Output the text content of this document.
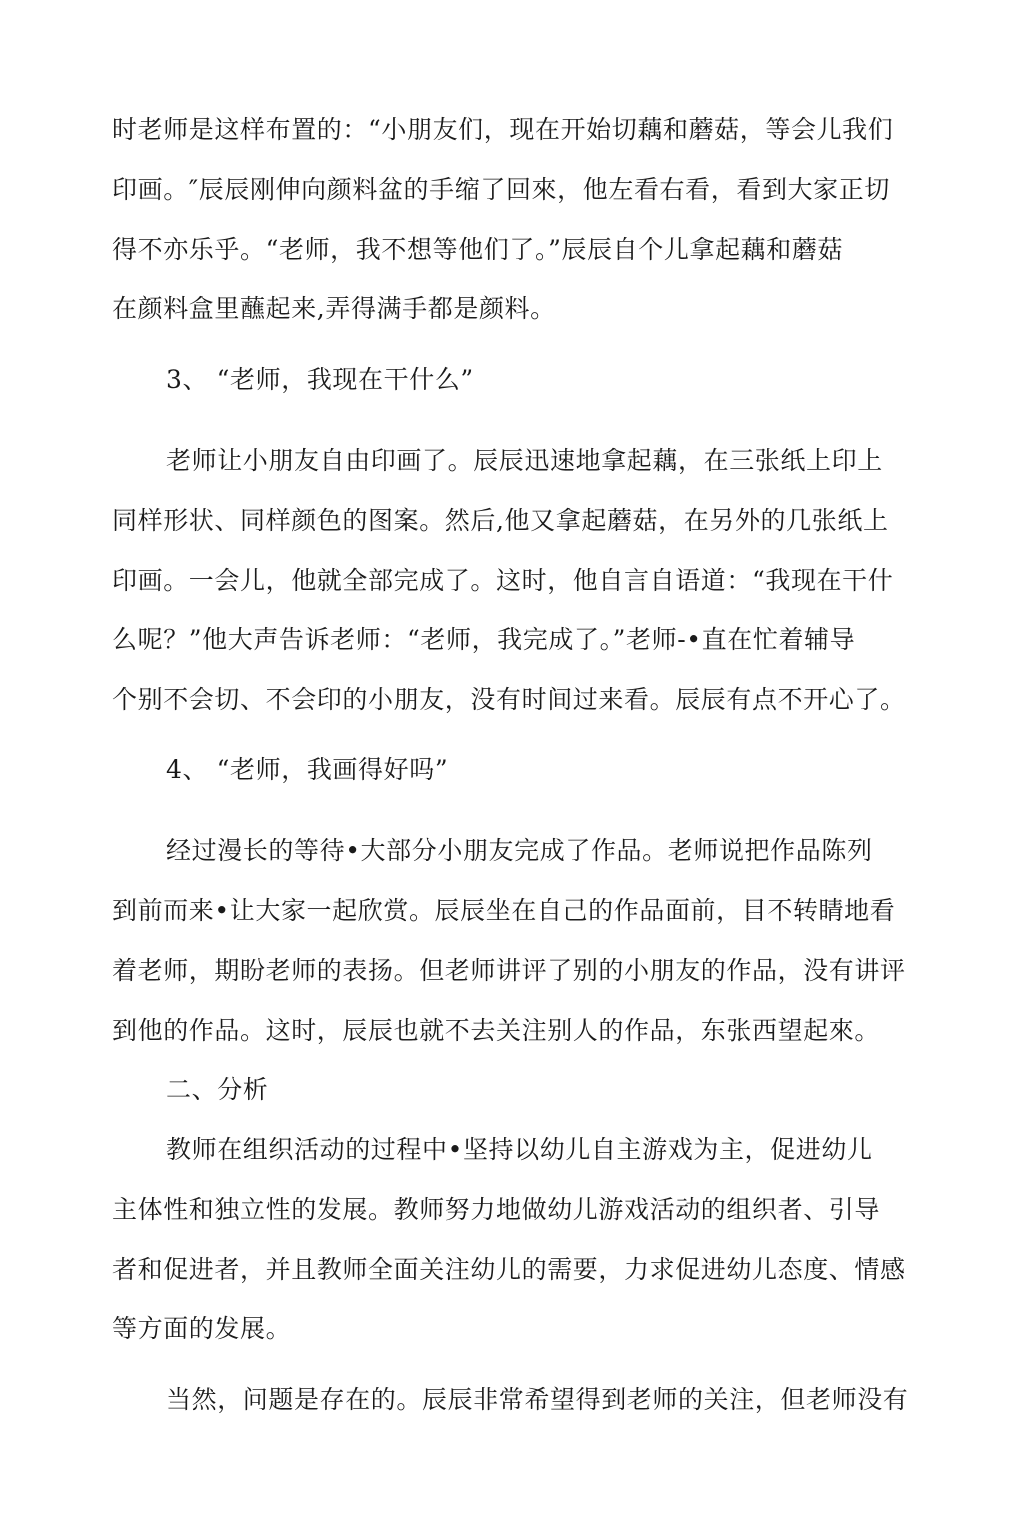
时老师是这样布置的：“小朋友们，现在开始切藕和蘑菇，等会儿我们
印画。″辰辰刚伸向颜料盆的手缩了回來，他左看右看，看到大家正切
得不亦乐乎。“老师，我不想等他们了。”辰辰自个儿拿起藕和蘑菇
在颜料盒里蘸起来,弄得满手都是颜料。
3、 “老师，我现在干什么”
老师让小朋友自由印画了。辰辰迅速地拿起藕，在三张纸上印上
同样形状、同样颜色的图案。然后,他又拿起蘑菇，在另外的几张纸上
印画。一会儿，他就全部完成了。这时，他自言自语道：“我现在干什
么呢？”他大声告诉老师：“老师，我完成了。”老师-•直在忙着辅导
个别不会切、不会印的小朋友，没有时间过来看。辰辰有点不开心了。
4、 “老师，我画得好吗”
经过漫长的等待•大部分小朋友完成了作品。老师说把作品陈列
到前而来•让大家一起欣赏。辰辰坐在自己的作品面前，目不转睛地看
着老师，期盼老师的表扬。但老师讲评了别的小朋友的作品，没有讲评
到他的作品。这时，辰辰也就不去关注别人的作品，东张西望起來。
二、分析
教师在组织活动的过程中•坚持以幼儿自主游戏为主，促进幼儿
主体性和独立性的发展。教师努力地做幼儿游戏活动的组织者、引导
者和促进者，并且教师全面关注幼儿的需要，力求促进幼儿态度、情感
等方面的发展。
当然，问题是存在的。辰辰非常希望得到老师的关注，但老师没有
